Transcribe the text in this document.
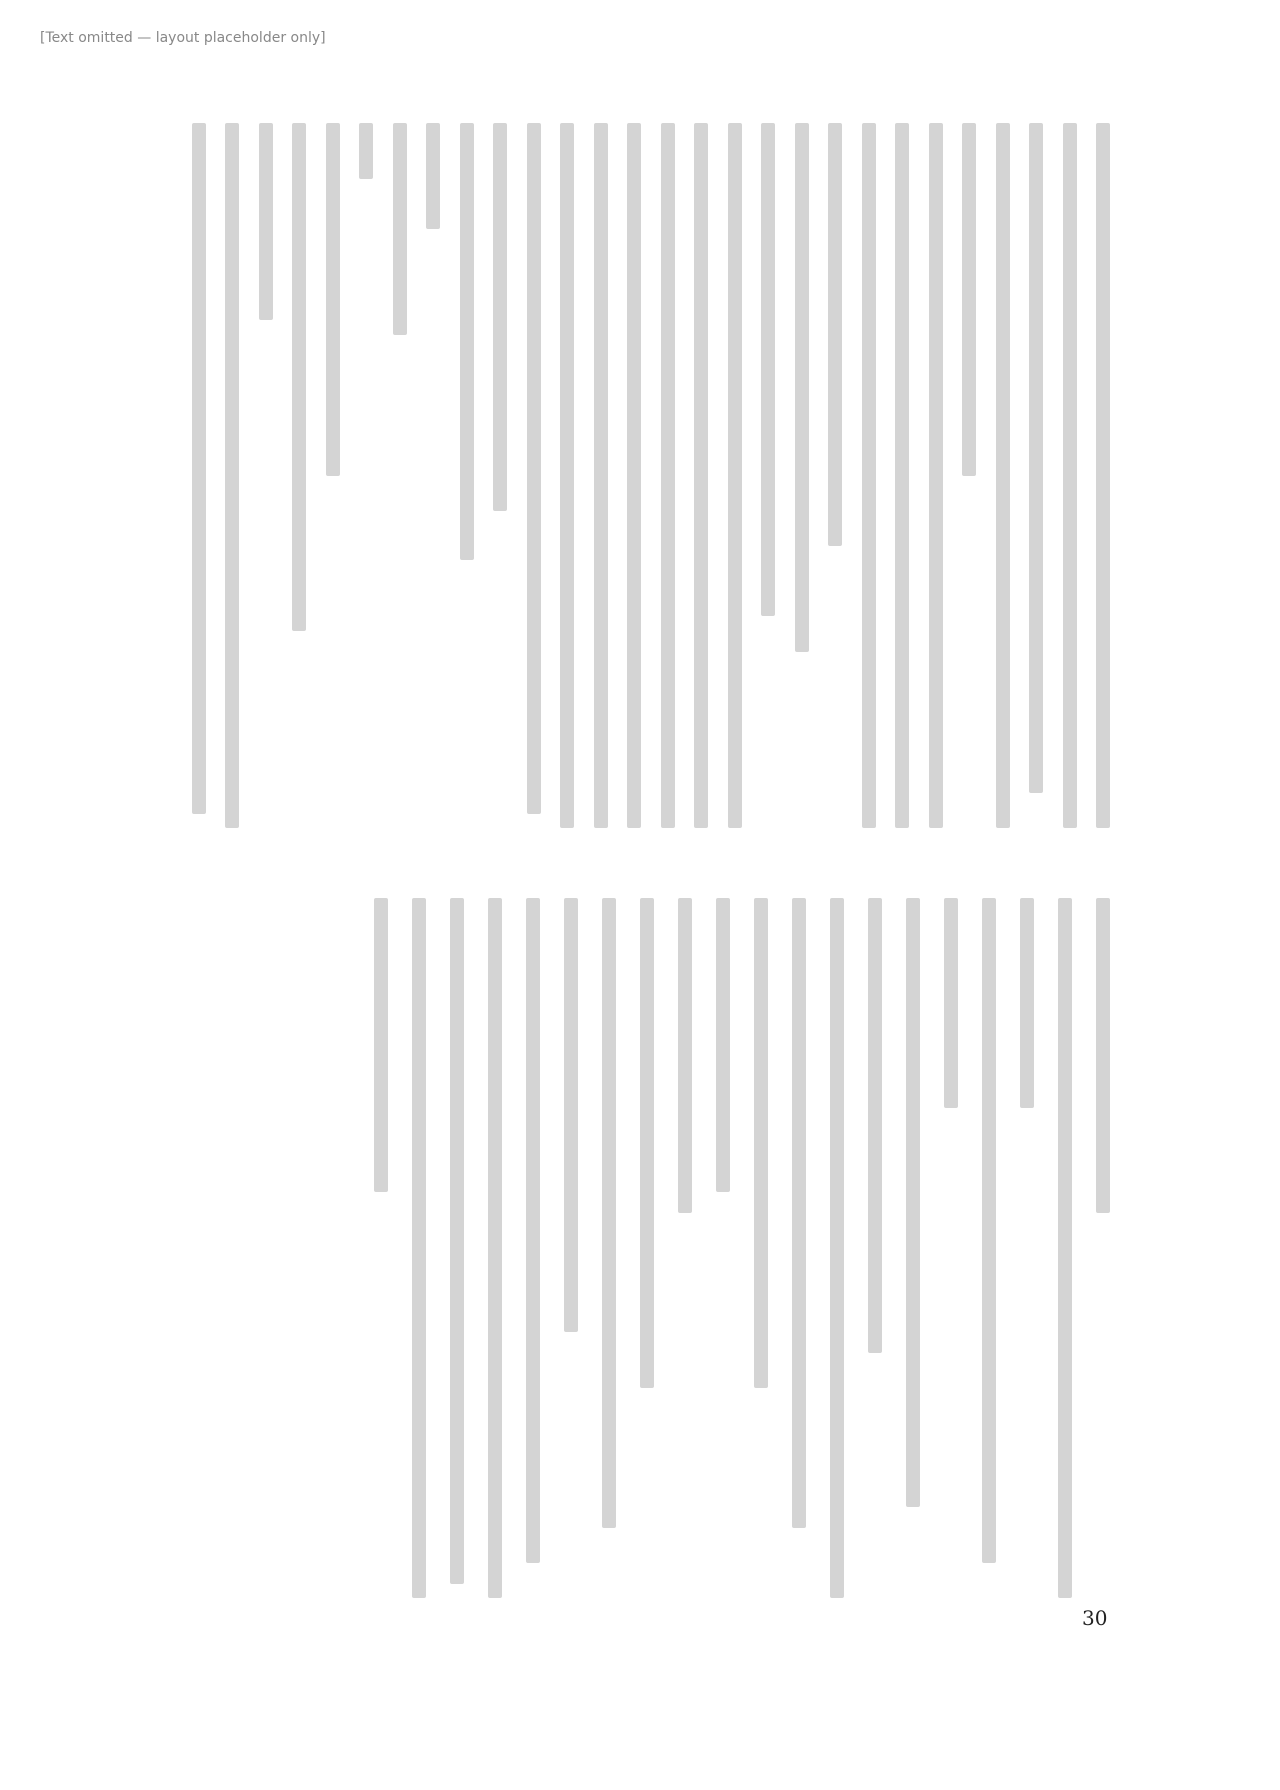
[Text omitted — layout placeholder only]
30
